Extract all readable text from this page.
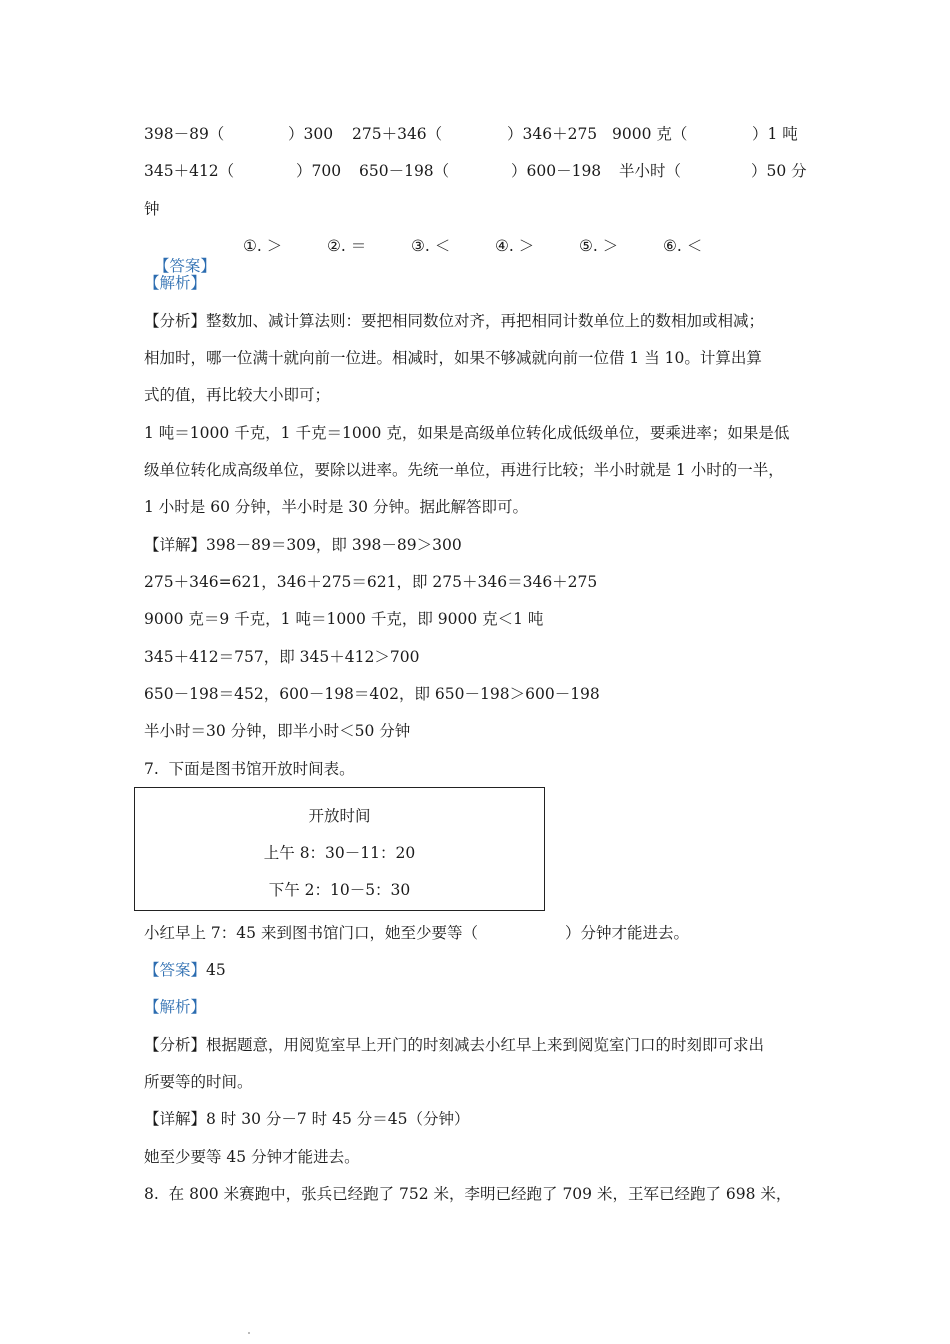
398－89（	）300 275＋346（	）346＋275 9000 克（	）1 吨
345＋412（	）700 650－198（	）600－198 半小时（	）50 分
钟

【答案】

①. ＞	②. ＝	③. ＜	④. ＞	⑤. ＞	⑥. ＜
【解析】
【分析】整数加、减计算法则：要把相同数位对齐，再把相同计数单位上的数相加或相减；
相加时，哪一位满十就向前一位进。相减时，如果不够减就向前一位借 1 当 10。计算出算
式的值，再比较大小即可；
1 吨＝1000 千克，1 千克＝1000 克，如果是高级单位转化成低级单位，要乘进率；如果是低
级单位转化成高级单位，要除以进率。先统一单位，再进行比较；半小时就是 1 小时的一半，
1 小时是 60 分钟，半小时是 30 分钟。据此解答即可。
【详解】398－89＝309，即 398－89＞300
275＋346=621，346＋275＝621，即 275＋346＝346＋275
9000 克＝9 千克，1 吨＝1000 千克，即 9000 克＜1 吨
345＋412＝757，即 345＋412＞700
650－198＝452，600－198＝402，即 650－198＞600－198
半小时＝30 分钟，即半小时＜50 分钟
7.  下面是图书馆开放时间表。
开放时间
上午 8：30－11：20
下午 2：10－5：30
小红早上 7：45 来到图书馆门口，她至少要等（	）分钟才能进去。
【答案】45
【解析】
【分析】根据题意，用阅览室早上开门的时刻减去小红早上来到阅览室门口的时刻即可求出
所要等的时间。
【详解】8 时 30 分－7 时 45 分＝45（分钟）
她至少要等 45 分钟才能进去。
8.  在 800 米赛跑中，张兵已经跑了 752 米，李明已经跑了 709 米，王军已经跑了 698 米，
